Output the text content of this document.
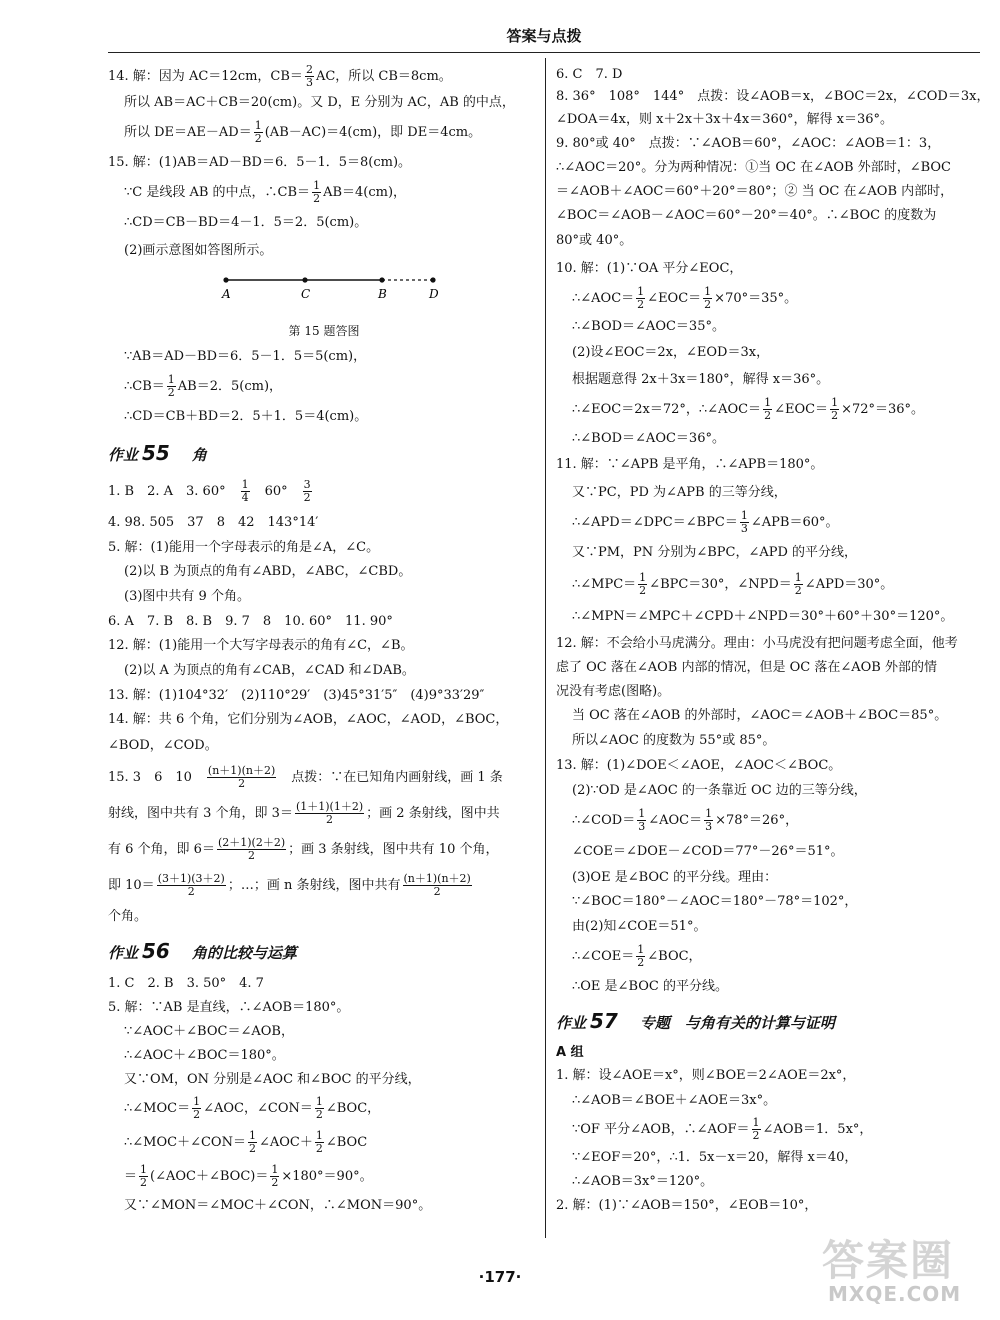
答案与点拨
14. 解：因为 AC＝12cm，$CB= \frac{2}{3}$ AC，所以 CB＝8cm。
所以 AB＝AC＋CB＝20(cm)。又 D，E 分别为 AC，AB 的中点，
所以 $DE=AE-AD= \frac{1}{2} (AB-AC)=4(cm)$，即 DE＝4cm。
15. 解：(1)AB＝AD－BD＝6．5－1．5＝8(cm)。
∵C 是线段 AB 的中点，∴CB＝ $\frac{1}{2} AB=4(cm)$，
∴CD＝CB－BD＝4－1．5＝2．5(cm)。
(2)画示意图如答图所示。
A	C	B	D
第 15 题答图
∵AB＝AD－BD＝6．5－1．5＝5(cm)，
∴CB＝ $\frac{1}{2} AB=2$．5(cm)，
∴CD＝CB＋BD＝2．5＋1．5＝4(cm)。
作业 55 角
1. B　2. A　3. 60°　 $\frac{1}{4}$ 　60°　 $\frac{3}{2}$
4. 98. 505　37　8　42　143°14′
5. 解：(1)能用一个字母表示的角是∠A，∠C。
(2)以 B 为顶点的角有∠ABD，∠ABC，∠CBD。
(3)图中共有 9 个角。
6. A　7. B　8. B　9. 7　8　10. 60°　11. 90°
12. 解：(1)能用一个大写字母表示的角有∠C，∠B。
(2)以 A 为顶点的角有∠CAB，∠CAD 和∠DAB。
13. 解：(1)104°32′　(2)110°29′　(3)45°31′5″　(4)9°33′29″
14. 解：共 6 个角，它们分别为∠AOB，∠AOC，∠AOD，∠BOC，
∠BOD，∠COD。
15. 3　6　10　 $\frac{(n+1)(n+2)}{2}$ 　点拨：∵在已知角内画射线，画 1 条
射线，图中共有 3 个角，即 $3= \frac{(1+1)(1+2)}{2}$ ；画 2 条射线，图中共
有 6 个角，即 $6= \frac{(2+1)(2+2)}{2}$ ；画 3 条射线，图中共有 10 个角，
即 $10= \frac{(3+1)(3+2)}{2}$ ；…；画 n 条射线，图中共有 $\frac{(n+1)(n+2)}{2}$
个角。
作业 56 角的比较与运算
1. C　2. B　3. 50°　4. 7
5. 解：∵AB 是直线，∴∠AOB＝180°。
∵∠AOC＋∠BOC＝∠AOB，
∴∠AOC＋∠BOC＝180°。
又∵OM，ON 分别是∠AOC 和∠BOC 的平分线，
∴∠MOC＝ $\frac{1}{2}$ ∠AOC，∠CON＝ $\frac{1}{2}$ ∠BOC，
∴∠MOC＋∠CON＝ $\frac{1}{2}$ ∠AOC＋ $\frac{1}{2}$ ∠BOC
＝ $\frac{1}{2}$ (∠AOC＋∠BOC)＝ $\frac{1}{2} \times 180^\circ=90^\circ$。
又∵∠MON＝∠MOC＋∠CON，∴∠MON＝90°。
6. C　7. D
8. 36°　108°　144°　点拨：设∠AOB＝x，∠BOC＝2x，∠COD＝3x，
∠DOA＝4x，则 x＋2x＋3x＋4x＝360°，解得 x＝36°。
9. 80°或 40°　点拨：∵∠AOB＝60°，∠AOC：∠AOB＝1：3，
∴∠AOC＝20°。分为两种情况：①当 OC 在∠AOB 外部时，∠BOC
＝∠AOB＋∠AOC＝60°＋20°＝80°；② 当 OC 在∠AOB 内部时，
∠BOC＝∠AOB－∠AOC＝60°－20°＝40°。∴∠BOC 的度数为
80°或 40°。
10. 解：(1)∵OA 平分∠EOC，
∴∠AOC＝ $\frac{1}{2}$ ∠EOC＝ $\frac{1}{2} \times 70^\circ=35^\circ$。
∴∠BOD＝∠AOC＝35°。
(2)设∠EOC＝2x，∠EOD＝3x，
根据题意得 2x＋3x＝180°，解得 x＝36°。
∴∠EOC＝2x＝72°，∴∠AOC＝ $\frac{1}{2}$ ∠EOC＝ $\frac{1}{2} \times 72^\circ=36^\circ$。
∴∠BOD＝∠AOC＝36°。
11. 解：∵∠APB 是平角，∴∠APB＝180°。
又∵PC，PD 为∠APB 的三等分线，
∴∠APD＝∠DPC＝∠BPC＝ $\frac{1}{3}$ ∠APB＝60°。
又∵PM，PN 分别为∠BPC，∠APD 的平分线，
∴∠MPC＝ $\frac{1}{2}$ ∠BPC＝30°，∠NPD＝ $\frac{1}{2}$ ∠APD＝30°。
∴∠MPN＝∠MPC＋∠CPD＋∠NPD＝30°＋60°＋30°＝120°。
12. 解：不会给小马虎满分。理由：小马虎没有把问题考虑全面，他考
虑了 OC 落在∠AOB 内部的情况，但是 OC 落在∠AOB 外部的情
况没有考虑(图略)。
当 OC 落在∠AOB 的外部时，∠AOC＝∠AOB＋∠BOC＝85°。
所以∠AOC 的度数为 55°或 85°。
13. 解：(1)∠DOE＜∠AOE，∠AOC＜∠BOC。
(2)∵OD 是∠AOC 的一条靠近 OC 边的三等分线，
∴∠COD＝ $\frac{1}{3}$ ∠AOC＝ $\frac{1}{3} \times 78^\circ=26^\circ$，
∠COE＝∠DOE－∠COD＝77°－26°＝51°。
(3)OE 是∠BOC 的平分线。理由：
∵∠BOC＝180°－∠AOC＝180°－78°＝102°，
由(2)知∠COE＝51°。
∴∠COE＝ $\frac{1}{2}$ ∠BOC，
∴OE 是∠BOC 的平分线。
作业 57 专题　与角有关的计算与证明
A 组
1. 解：设∠AOE＝x°，则∠BOE＝2∠AOE＝2x°，
∴∠AOB＝∠BOE＋∠AOE＝3x°。
∵OF 平分∠AOB，∴∠AOF＝ $\frac{1}{2}$ ∠AOB＝1．5x°，
∵∠EOF＝20°，∴1．5x－x＝20，解得 x＝40，
∴∠AOB＝3x°＝120°。
2. 解：(1)∵∠AOB＝150°，∠EOB＝10°，
·177·	答案圈
MXQE.COM
